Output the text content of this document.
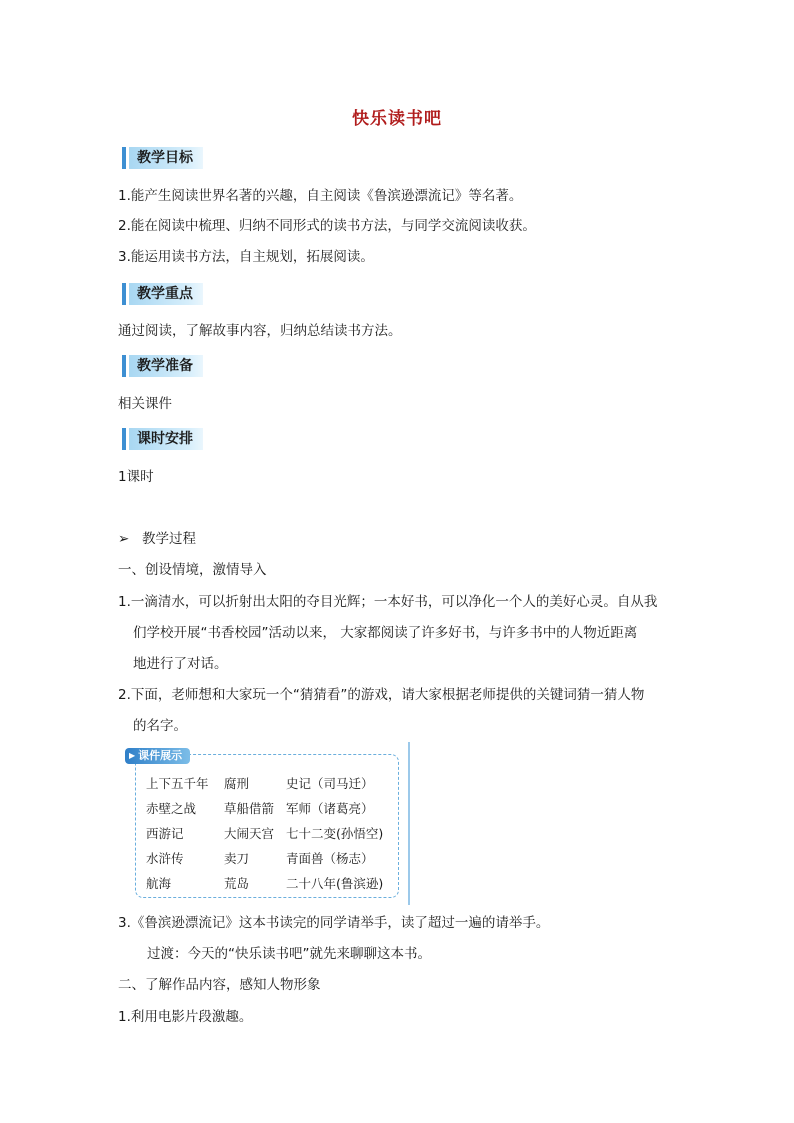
快乐读书吧
教学目标
1.能产生阅读世界名著的兴趣，自主阅读《鲁滨逊漂流记》等名著。
2.能在阅读中梳理、归纳不同形式的读书方法，与同学交流阅读收获。
3.能运用读书方法，自主规划，拓展阅读。
教学重点
通过阅读，了解故事内容，归纳总结读书方法。
教学准备
相关课件
课时安排
1课时
➢ 教学过程
一、创设情境，激情导入
1.一滴清水，可以折射出太阳的夺目光辉；一本好书，可以净化一个人的美好心灵。自从我
们学校开展“书香校园”活动以来， 大家都阅读了许多好书，与许多书中的人物近距离
地进行了对话。
2.下面，老师想和大家玩一个“猜猜看”的游戏，请大家根据老师提供的关键词猜一猜人物
的名字。
▶ 课件展示
上下五千年 腐刑	史记（司马迁）
赤壁之战 草船借箭 军师（诸葛亮）
西游记	大闹天宫 七十二变(孙悟空)
水浒传	卖刀	青面兽（杨志）
航海	荒岛	二十八年(鲁滨逊)
3.《鲁滨逊漂流记》这本书读完的同学请举手，读了超过一遍的请举手。
过渡：今天的“快乐读书吧”就先来聊聊这本书。
二、了解作品内容，感知人物形象
1.利用电影片段激趣。
